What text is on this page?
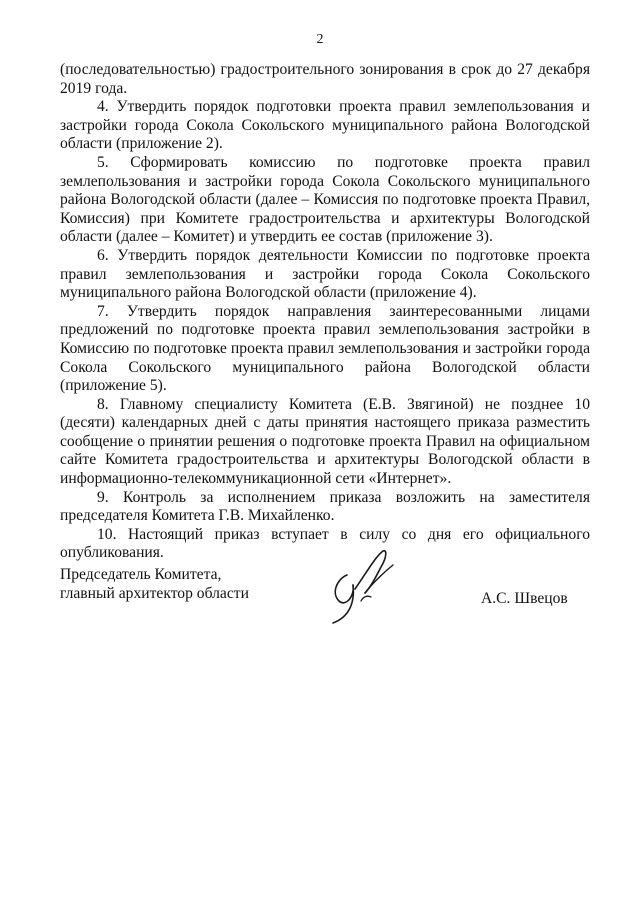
2

(последовательностью) градостроительного зонирования в срок до 27 декабря 2019 года.

4. Утвердить порядок подготовки проекта правил землепользования и застройки города Сокола Сокольского муниципального района Вологодской области (приложение 2).

5. Сформировать комиссию по подготовке проекта правил землепользования и застройки города Сокола Сокольского муниципального района Вологодской области (далее – Комиссия по подготовке проекта Правил, Комиссия) при Комитете градостроительства и архитектуры Вологодской области (далее – Комитет) и утвердить ее состав (приложение 3).

6. Утвердить порядок деятельности Комиссии по подготовке проекта правил землепользования и застройки города Сокола Сокольского муниципального района Вологодской области (приложение 4).

7. Утвердить порядок направления заинтересованными лицами предложений по подготовке проекта правил землепользования застройки в Комиссию по подготовке проекта правил землепользования и застройки города Сокола Сокольского муниципального района Вологодской области (приложение 5).

8. Главному специалисту Комитета (Е.В. Звягиной) не позднее 10 (десяти) календарных дней с даты принятия настоящего приказа разместить сообщение о принятии решения о подготовке проекта Правил на официальном сайте Комитета градостроительства и архитектуры Вологодской области в информационно-телекоммуникационной сети «Интернет».

9. Контроль за исполнением приказа возложить на заместителя председателя Комитета Г.В. Михайленко.

10. Настоящий приказ вступает в силу со дня его официального опубликования.

Председатель Комитета,
главный архитектор области	А.С. Швецов
